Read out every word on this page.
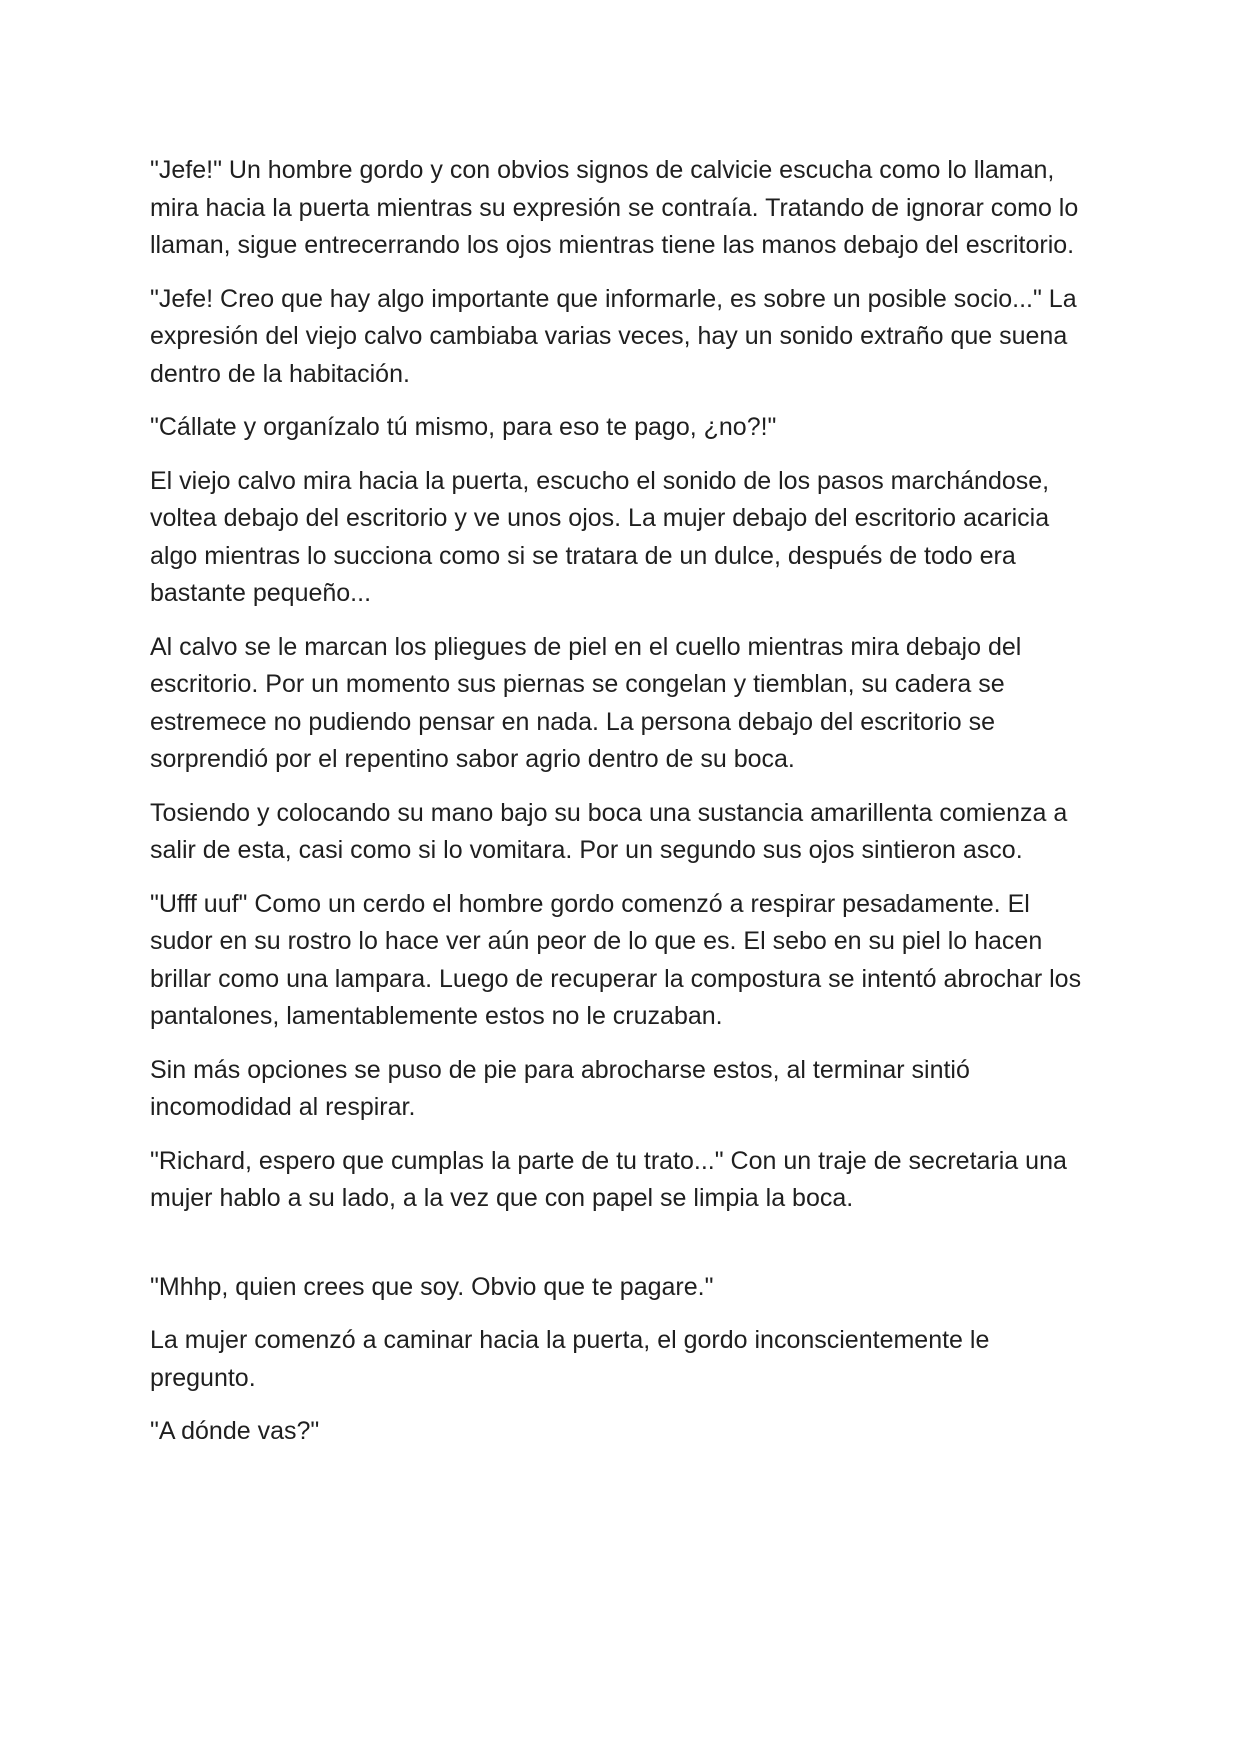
"Jefe!" Un hombre gordo y con obvios signos de calvicie escucha como lo llaman, mira hacia la puerta mientras su expresión se contraía. Tratando de ignorar como lo llaman, sigue entrecerrando los ojos mientras tiene las manos debajo del escritorio.

"Jefe! Creo que hay algo importante que informarle, es sobre un posible socio..." La expresión del viejo calvo cambiaba varias veces, hay un sonido extraño que suena dentro de la habitación.

"Cállate y organízalo tú mismo, para eso te pago, ¿no?!"

El viejo calvo mira hacia la puerta, escucho el sonido de los pasos marchándose, voltea debajo del escritorio y ve unos ojos. La mujer debajo del escritorio acaricia algo mientras lo succiona como si se tratara de un dulce, después de todo era bastante pequeño...

Al calvo se le marcan los pliegues de piel en el cuello mientras mira debajo del escritorio. Por un momento sus piernas se congelan y tiemblan, su cadera se estremece no pudiendo pensar en nada. La persona debajo del escritorio se sorprendió por el repentino sabor agrio dentro de su boca.

Tosiendo y colocando su mano bajo su boca una sustancia amarillenta comienza a salir de esta, casi como si lo vomitara. Por un segundo sus ojos sintieron asco.

"Ufff uuf" Como un cerdo el hombre gordo comenzó a respirar pesadamente. El sudor en su rostro lo hace ver aún peor de lo que es. El sebo en su piel lo hacen brillar como una lampara. Luego de recuperar la compostura se intentó abrochar los pantalones, lamentablemente estos no le cruzaban.

Sin más opciones se puso de pie para abrocharse estos, al terminar sintió incomodidad al respirar.

"Richard, espero que cumplas la parte de tu trato..." Con un traje de secretaria una mujer hablo a su lado, a la vez que con papel se limpia la boca.

"Mhhp, quien crees que soy. Obvio que te pagare."

La mujer comenzó a caminar hacia la puerta, el gordo inconscientemente le pregunto.

"A dónde vas?"
